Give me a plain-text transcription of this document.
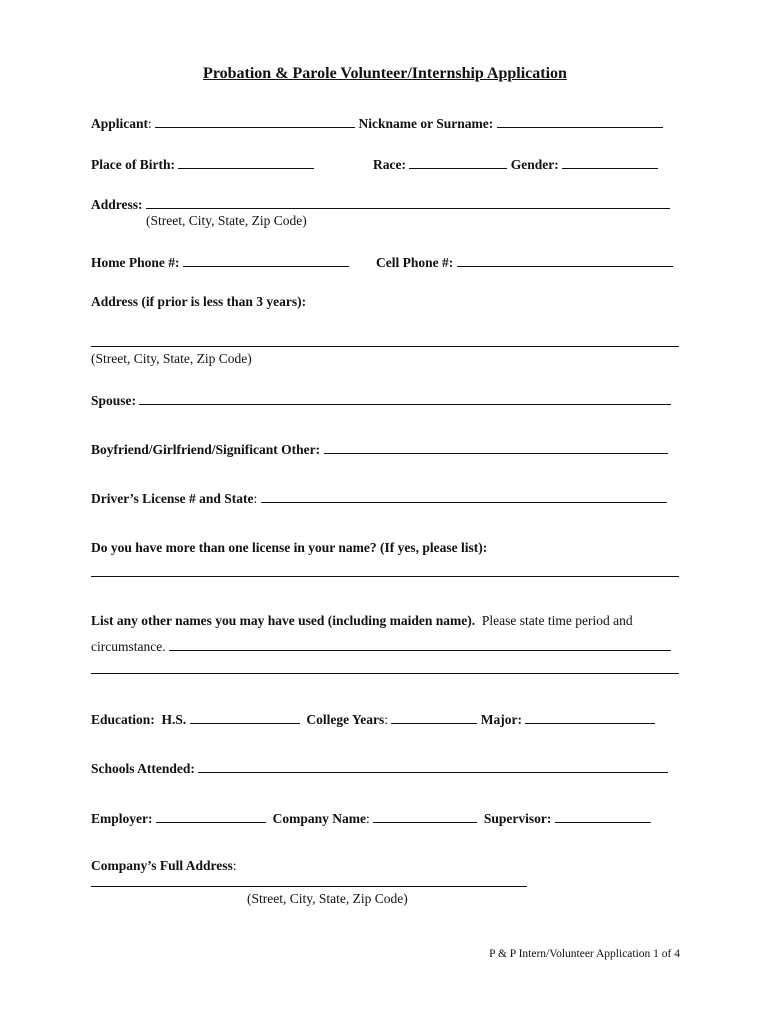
Probation & Parole Volunteer/Internship Application
Applicant:	Nickname or Surname:
Place of Birth:	Race:	Gender:
Address:
(Street, City, State, Zip Code)
Home Phone #:	Cell Phone #:
Address (if prior is less than 3 years):
(Street, City, State, Zip Code)
Spouse:
Boyfriend/Girlfriend/Significant Other:
Driver’s License # and State:
Do you have more than one license in your name? (If yes, please list):
List any other names you may have used (including maiden name). Please state time period and
circumstance.
Education: H.S.	College Years:	Major:
Schools Attended:
Employer:	Company Name:	Supervisor:
Company’s Full Address:
(Street, City, State, Zip Code)
P & P Intern/Volunteer Application 1 of 4
